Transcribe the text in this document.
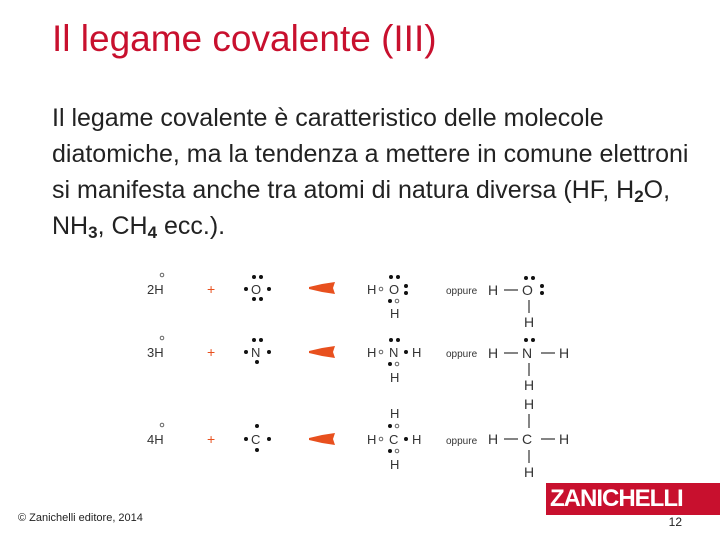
Il legame covalente (III)
Il legame covalente è caratteristico delle molecole diatomiche, ma la tendenza a mettere in comune elettroni si manifesta anche tra atomi di natura diversa (HF, $H_2O$, $NH_3$, $CH_4$ ecc.).
2H	+	O	H O
H
oppure H O
H
3H	+	N	H N H
H
oppure H N H
H
4H	+	C
H
H C H
H
oppure
H
H C H
H
© Zanichelli editore, 2014
ZANICHELLI
12
